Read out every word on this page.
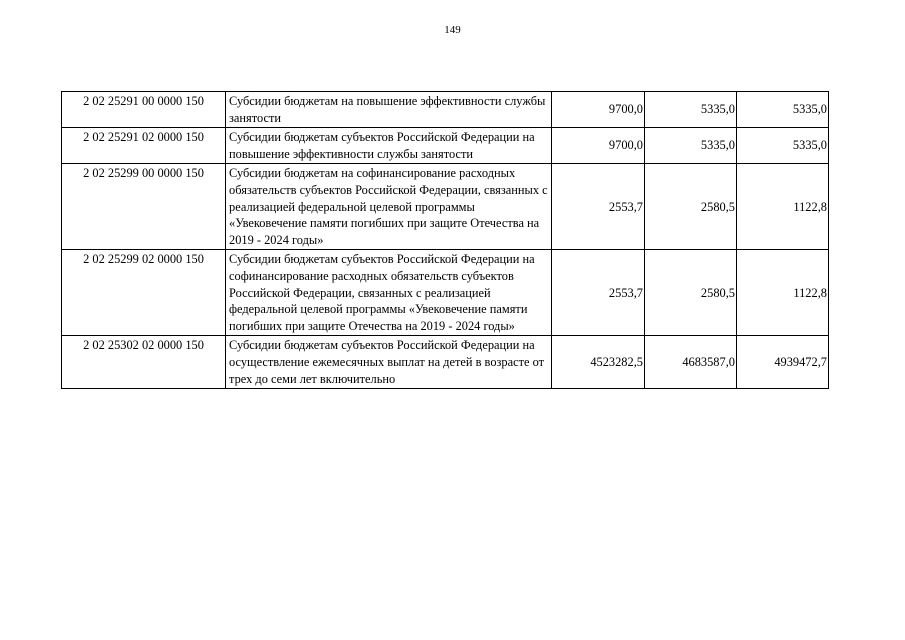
149
2 02 25291 00 0000 150	Субсидии бюджетам на повышение эффективности службы занятости	9700,0	5335,0	5335,0
2 02 25291 02 0000 150	Субсидии бюджетам субъектов Российской Федерации на повышение эффективности службы занятости	9700,0	5335,0	5335,0
2 02 25299 00 0000 150	Субсидии бюджетам на софинансирование расходных обязательств субъектов Российской Федерации, связанных с реализацией федеральной целевой программы «Увековечение памяти погибших при защите Отечества на 2019 - 2024 годы»	2553,7	2580,5	1122,8
2 02 25299 02 0000 150	Субсидии бюджетам субъектов Российской Федерации на софинансирование расходных обязательств субъектов Российской Федерации, связанных с реализацией федеральной целевой программы «Увековечение памяти погибших при защите Отечества на 2019 - 2024 годы»	2553,7	2580,5	1122,8
2 02 25302 02 0000 150	Субсидии бюджетам субъектов Российской Федерации на осуществление ежемесячных выплат на детей в возрасте от трех до семи лет включительно	4523282,5	4683587,0	4939472,7
